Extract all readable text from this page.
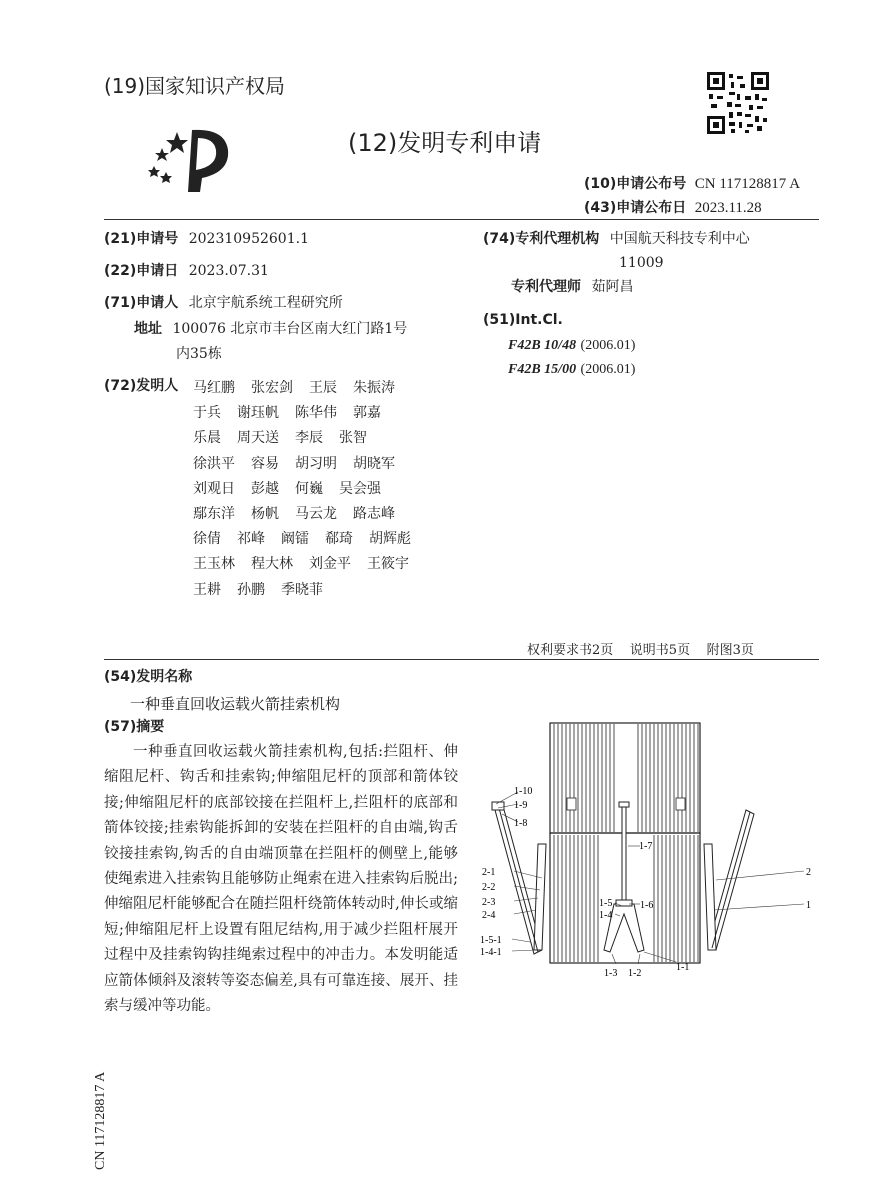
(19)国家知识产权局
(12)发明专利申请
(10)申请公布号 CN 117128817 A
(43)申请公布日 2023.11.28
(21)申请号 202310952601.1
(22)申请日 2023.07.31
(71)申请人 北京宇航系统工程研究所
地址 100076 北京市丰台区南大红门路1号
内35栋
(72)发明人 马红鹏 张宏剑 王辰 朱振涛
于兵 谢珏帆 陈华伟 郭嘉
乐晨 周天送 李辰 张智
徐洪平 容易 胡习明 胡晓军
刘观日 彭越 何巍 吴会强
鄢东洋 杨帆 马云龙 路志峰
徐倩 祁峰 阚镭 郗琦 胡辉彪
王玉林 程大林 刘金平 王筱宇
王耕 孙鹏 季晓菲
(74)专利代理机构 中国航天科技专利中心
11009
专利代理师 茹阿昌
(51)Int.Cl.
F42B 10/48 (2006.01)
F42B 15/00 (2006.01)
权利要求书2页    说明书5页    附图3页
(54)发明名称
一种垂直回收运载火箭挂索机构
(57)摘要
一种垂直回收运载火箭挂索机构,包括:拦阻杆、伸缩阻尼杆、钩舌和挂索钩;伸缩阻尼杆的顶部和箭体铰接;伸缩阻尼杆的底部铰接在拦阻杆上,拦阻杆的底部和箭体铰接;挂索钩能拆卸的安装在拦阻杆的自由端,钩舌铰接挂索钩,钩舌的自由端顶靠在拦阻杆的侧壁上,能够使绳索进入挂索钩且能够防止绳索在进入挂索钩后脱出;伸缩阻尼杆能够配合在随拦阻杆绕箭体转动时,伸长或缩短;伸缩阻尼杆上设置有阻尼结构,用于减少拦阻杆展开过程中及挂索钩钩挂绳索过程中的冲击力。本发明能适应箭体倾斜及滚转等姿态偏差,具有可靠连接、展开、挂索与缓冲等功能。
CN 117128817 A
1-10
1-9
1-8
1-7
2-1
2-2
2-3
2-4
1-5
1-4
1-6
1-5-1
1-4-1
1-3 1-2
1-1
2
1
